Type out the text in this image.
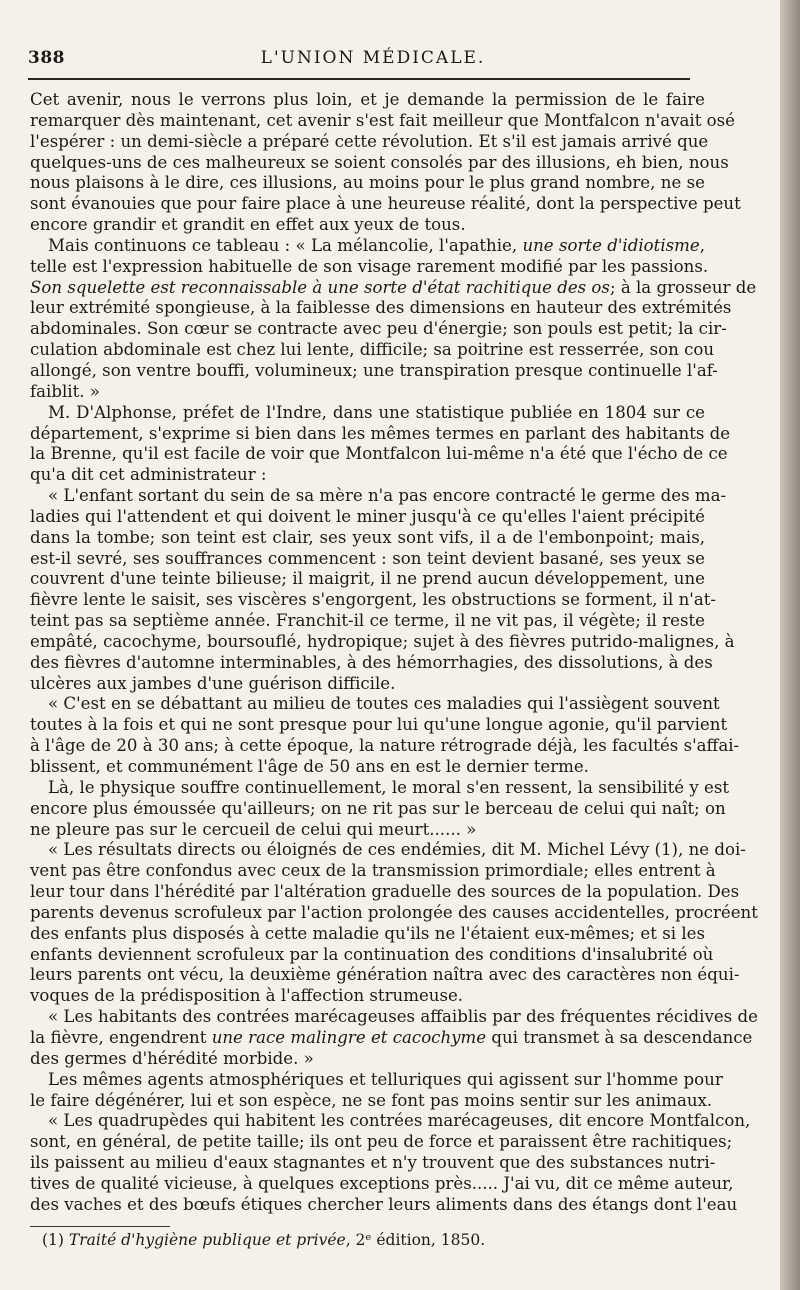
388	L'UNION MÉDICALE.
Cet avenir, nous le verrons plus loin, et je demande la permission de le faire
remarquer dès maintenant, cet avenir s'est fait meilleur que Montfalcon n'avait osé
l'espérer : un demi-siècle a préparé cette révolution. Et s'il est jamais arrivé que
quelques-uns de ces malheureux se soient consolés par des illusions, eh bien, nous
nous plaisons à le dire, ces illusions, au moins pour le plus grand nombre, ne se
sont évanouies que pour faire place à une heureuse réalité, dont la perspective peut
encore grandir et grandit en effet aux yeux de tous.
Mais continuons ce tableau : « La mélancolie, l'apathie, une sorte d'idiotisme,
telle est l'expression habituelle de son visage rarement modifié par les passions.
Son squelette est reconnaissable à une sorte d'état rachitique des os; à la grosseur de
leur extrémité spongieuse, à la faiblesse des dimensions en hauteur des extrémités
abdominales. Son cœur se contracte avec peu d'énergie; son pouls est petit; la cir-
culation abdominale est chez lui lente, difficile; sa poitrine est resserrée, son cou
allongé, son ventre bouffi, volumineux; une transpiration presque continuelle l'af-
faiblit. »
M. D'Alphonse, préfet de l'Indre, dans une statistique publiée en 1804 sur ce
département, s'exprime si bien dans les mêmes termes en parlant des habitants de
la Brenne, qu'il est facile de voir que Montfalcon lui-même n'a été que l'écho de ce
qu'a dit cet administrateur :
« L'enfant sortant du sein de sa mère n'a pas encore contracté le germe des ma-
ladies qui l'attendent et qui doivent le miner jusqu'à ce qu'elles l'aient précipité
dans la tombe; son teint est clair, ses yeux sont vifs, il a de l'embonpoint; mais,
est-il sevré, ses souffrances commencent : son teint devient basané, ses yeux se
couvrent d'une teinte bilieuse; il maigrit, il ne prend aucun développement, une
fièvre lente le saisit, ses viscères s'engorgent, les obstructions se forment, il n'at-
teint pas sa septième année. Franchit-il ce terme, il ne vit pas, il végète; il reste
empâté, cacochyme, boursouflé, hydropique; sujet à des fièvres putrido-malignes, à
des fièvres d'automne interminables, à des hémorrhagies, des dissolutions, à des
ulcères aux jambes d'une guérison difficile.
« C'est en se débattant au milieu de toutes ces maladies qui l'assiègent souvent
toutes à la fois et qui ne sont presque pour lui qu'une longue agonie, qu'il parvient
à l'âge de 20 à 30 ans; à cette époque, la nature rétrograde déjà, les facultés s'affai-
blissent, et communément l'âge de 50 ans en est le dernier terme.
Là, le physique souffre continuellement, le moral s'en ressent, la sensibilité y est
encore plus émoussée qu'ailleurs; on ne rit pas sur le berceau de celui qui naît; on
ne pleure pas sur le cercueil de celui qui meurt...... »
« Les résultats directs ou éloignés de ces endémies, dit M. Michel Lévy (1), ne doi-
vent pas être confondus avec ceux de la transmission primordiale; elles entrent à
leur tour dans l'hérédité par l'altération graduelle des sources de la population. Des
parents devenus scrofuleux par l'action prolongée des causes accidentelles, procréent
des enfants plus disposés à cette maladie qu'ils ne l'étaient eux-mêmes; et si les
enfants deviennent scrofuleux par la continuation des conditions d'insalubrité où
leurs parents ont vécu, la deuxième génération naîtra avec des caractères non équi-
voques de la prédisposition à l'affection strumeuse.
« Les habitants des contrées marécageuses affaiblis par des fréquentes récidives de
la fièvre, engendrent une race malingre et cacochyme qui transmet à sa descendance
des germes d'hérédité morbide. »
Les mêmes agents atmosphériques et telluriques qui agissent sur l'homme pour
le faire dégénérer, lui et son espèce, ne se font pas moins sentir sur les animaux.
« Les quadrupèdes qui habitent les contrées marécageuses, dit encore Montfalcon,
sont, en général, de petite taille; ils ont peu de force et paraissent être rachitiques;
ils paissent au milieu d'eaux stagnantes et n'y trouvent que des substances nutri-
tives de qualité vicieuse, à quelques exceptions près..... J'ai vu, dit ce même auteur,
des vaches et des bœufs étiques chercher leurs aliments dans des étangs dont l'eau
(1) Traité d'hygiène publique et privée, 2ᵉ édition, 1850.
